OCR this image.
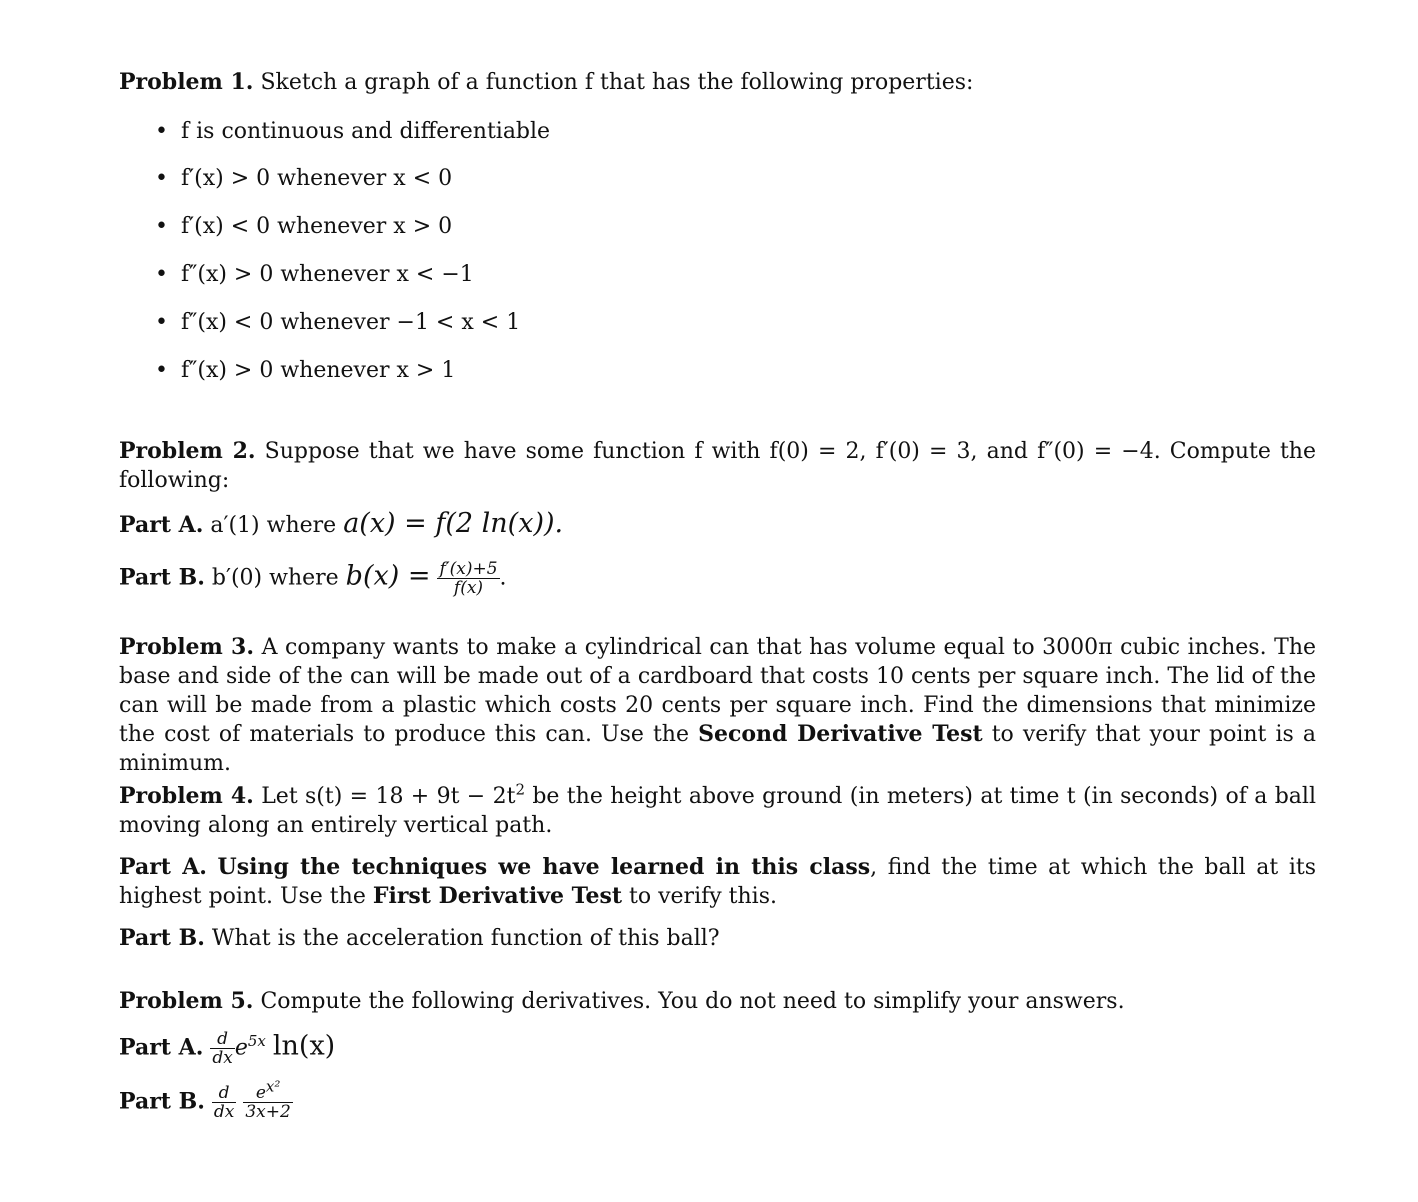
Problem 1. Sketch a graph of a function f that has the following properties:
• f is continuous and differentiable
• f′(x) > 0 whenever x < 0
• f′(x) < 0 whenever x > 0
• f″(x) > 0 whenever x < −1
• f″(x) < 0 whenever −1 < x < 1
• f″(x) > 0 whenever x > 1
Problem 2. Suppose that we have some function f with f(0) = 2, f′(0) = 3, and f″(0) = −4. Compute the following:
Part A. a′(1) where a(x) = f(2 ln(x)).
Part B. b′(0) where $b(x) = \frac{f'(x)+5}{f(x)}$ .
Problem 3. A company wants to make a cylindrical can that has volume equal to 3000π cubic inches. The base and side of the can will be made out of a cardboard that costs 10 cents per square inch. The lid of the can will be made from a plastic which costs 20 cents per square inch. Find the dimensions that minimize the cost of materials to produce this can. Use the Second Derivative Test to verify that your point is a minimum.
Problem 4. Let $s(t) = 18 + 9t - 2t^2$ be the height above ground (in meters) at time t (in seconds) of a ball moving along an entirely vertical path.
Part A. Using the techniques we have learned in this class, find the time at which the ball at its highest point. Use the First Derivative Test to verify this.
Part B. What is the acceleration function of this ball?
Problem 5. Compute the following derivatives. You do not need to simplify your answers.
Part A. $\frac{d}{dx} e^{5x}$ ln(x)
Part B. $\frac{d}{dx}$
$\frac{e^{x^2}}{3x+2}$
